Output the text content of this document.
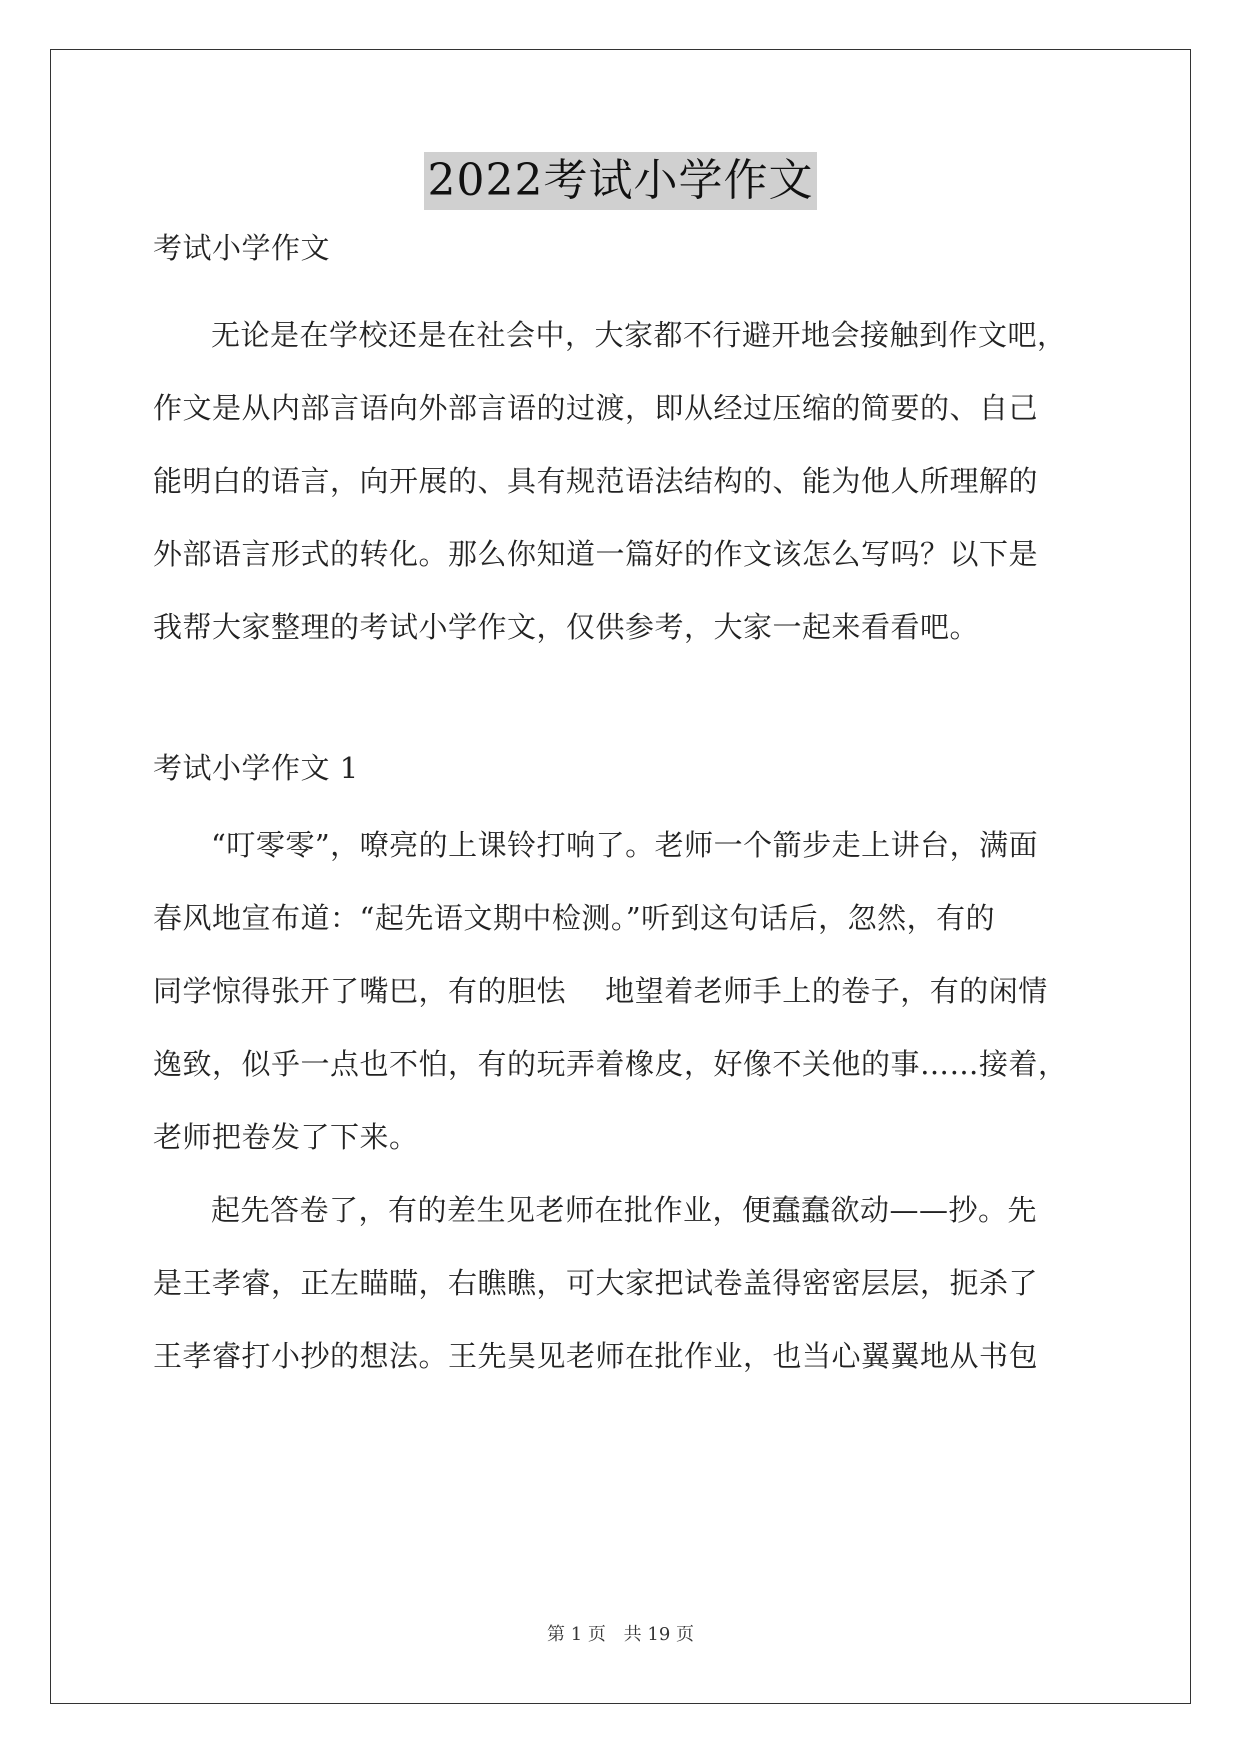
2022考试小学作文
考试小学作文
无论是在学校还是在社会中，大家都不行避开地会接触到作文吧，
作文是从内部言语向外部言语的过渡，即从经过压缩的简要的、自己
能明白的语言，向开展的、具有规范语法结构的、能为他人所理解的
外部语言形式的转化。那么你知道一篇好的作文该怎么写吗？以下是
我帮大家整理的考试小学作文，仅供参考，大家一起来看看吧。
考试小学作文 1
“叮零零”，嘹亮的上课铃打响了。老师一个箭步走上讲台，满面
春风地宣布道：“起先语文期中检测。”听到这句话后，忽然，有的
同学惊得张开了嘴巴，有的胆怯　 地望着老师手上的卷子，有的闲情
逸致，似乎一点也不怕，有的玩弄着橡皮，好像不关他的事……接着，
老师把卷发了下来。
起先答卷了，有的差生见老师在批作业，便蠢蠢欲动——抄。先
是王孝睿，正左瞄瞄，右瞧瞧，可大家把试卷盖得密密层层，扼杀了
王孝睿打小抄的想法。王先昊见老师在批作业，也当心翼翼地从书包
第 1 页 共 19 页
